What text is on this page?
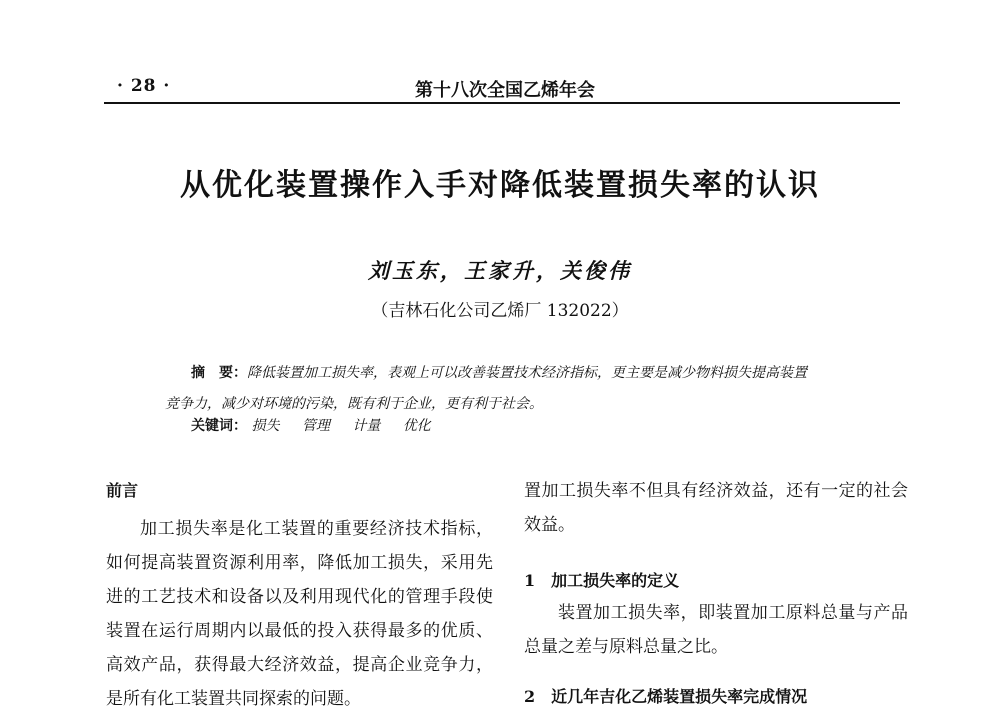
· 28 ·	第十八次全国乙烯年会
从优化装置操作入手对降低装置损失率的认识
刘玉东，王家升，关俊伟
（吉林石化公司乙烯厂 132022）
摘　要：降低装置加工损失率，表观上可以改善装置技术经济指标，更主要是减少物料损失提高装置
竞争力，减少对环境的污染，既有利于企业，更有利于社会。
关键词： 损失 管理 计量 优化
前言

加工损失率是化工装置的重要经济技术指标，如何提高装置资源利用率，降低加工损失，采用先进的工艺技术和设备以及利用现代化的管理手段使装置在运行周期内以最低的投入获得最多的优质、高效产品，获得最大经济效益，提高企业竞争力，是所有化工装置共同探索的问题。

置加工损失率不但具有经济效益，还有一定的社会效益。

1 加工损失率的定义

装置加工损失率，即装置加工原料总量与产品总量之差与原料总量之比。

2 近几年吉化乙烯装置损失率完成情况
